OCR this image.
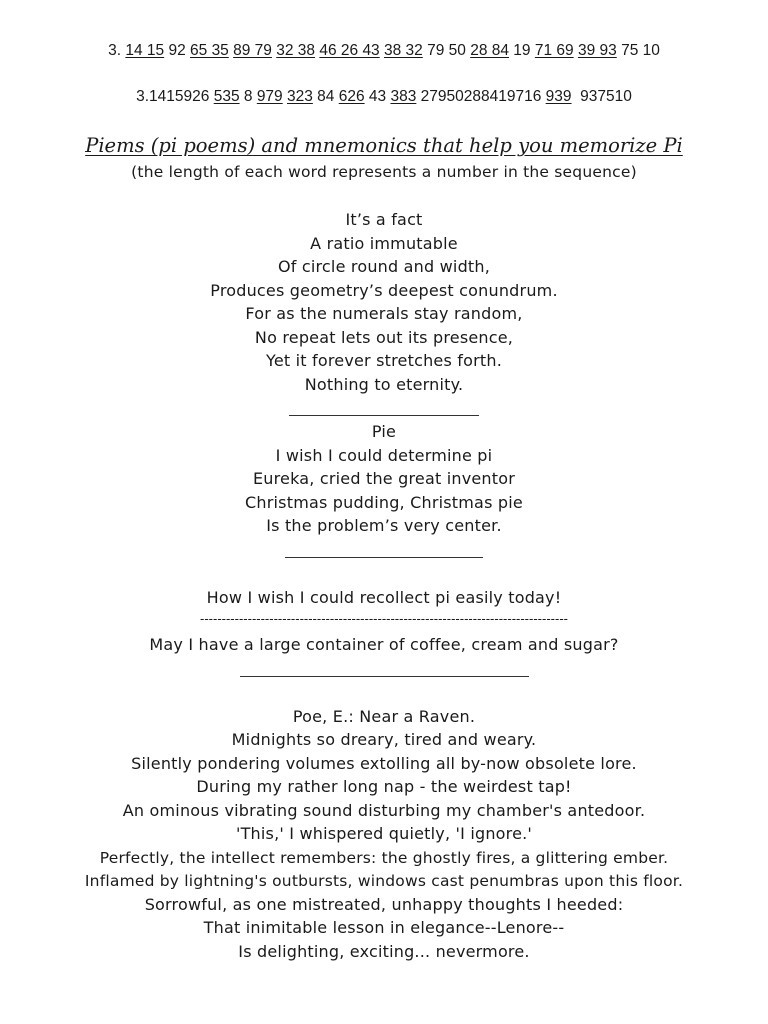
3. 14 15 92 65 35 89 79 32 38 46 26 43 38 32 79 50 28 84 19 71 69 39 93 75 10
3.1415926 535 8 979 323 84 626 43 383 27950288419716 939  937510
Piems (pi poems) and mnemonics that help you memorize Pi
(the length of each word represents a number in the sequence)
It’s a fact
A ratio immutable
Of circle round and width,
Produces geometry’s deepest conundrum.
For as the numerals stay random,
No repeat lets out its presence,
Yet it forever stretches forth.
Nothing to eternity.
Pie
I wish I could determine pi
Eureka, cried the great inventor
Christmas pudding, Christmas pie
Is the problem’s very center.
How I wish I could recollect pi easily today!
-------------------------------------------------------------------------------------
May I have a large container of coffee, cream and sugar?
Poe, E.: Near a Raven.
Midnights so dreary, tired and weary.
Silently pondering volumes extolling all by-now obsolete lore.
During my rather long nap - the weirdest tap!
An ominous vibrating sound disturbing my chamber's antedoor.
'This,' I whispered quietly, 'I ignore.'
Perfectly, the intellect remembers: the ghostly fires, a glittering ember.
Inflamed by lightning's outbursts, windows cast penumbras upon this floor.
Sorrowful, as one mistreated, unhappy thoughts I heeded:
That inimitable lesson in elegance--Lenore--
Is delighting, exciting... nevermore.
